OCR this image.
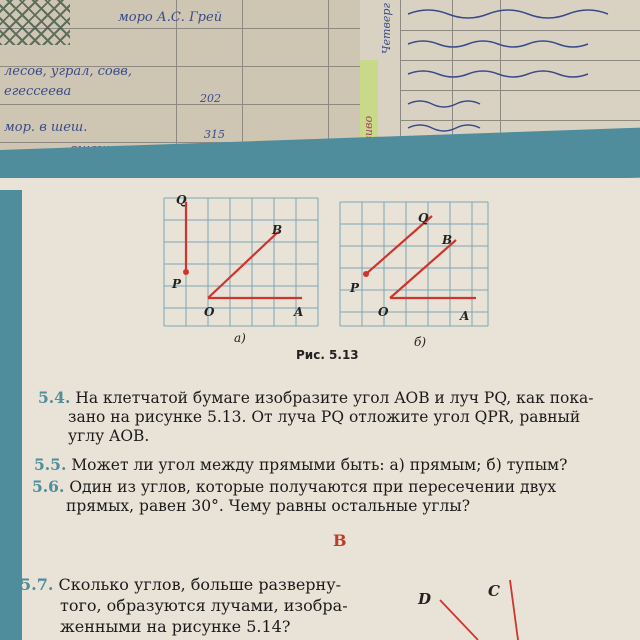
моро А.С. Грей
лесов, уграл, совв,
егессеева	202
мор. в шеш.	315
Четверг
Q
B
P
O	A
а)
Q
B
P
O	A
б)
Рис. 5.13
5.4. На клетчатой бумаге изобразите угол AOB и луч PQ, как пока-
зано на рисунке 5.13. От луча PQ отложите угол QPR, равный
углу AOB.
5.5. Может ли угол между прямыми быть: а) прямым; б) тупым?
5.6. Один из углов, которые получаются при пересечении двух
прямых, равен 30°. Чему равны остальные углы?
В
5.7. Сколько углов, больше разверну-
того, образуются лучами, изобра-
женными на рисунке 5.14?
D	C
